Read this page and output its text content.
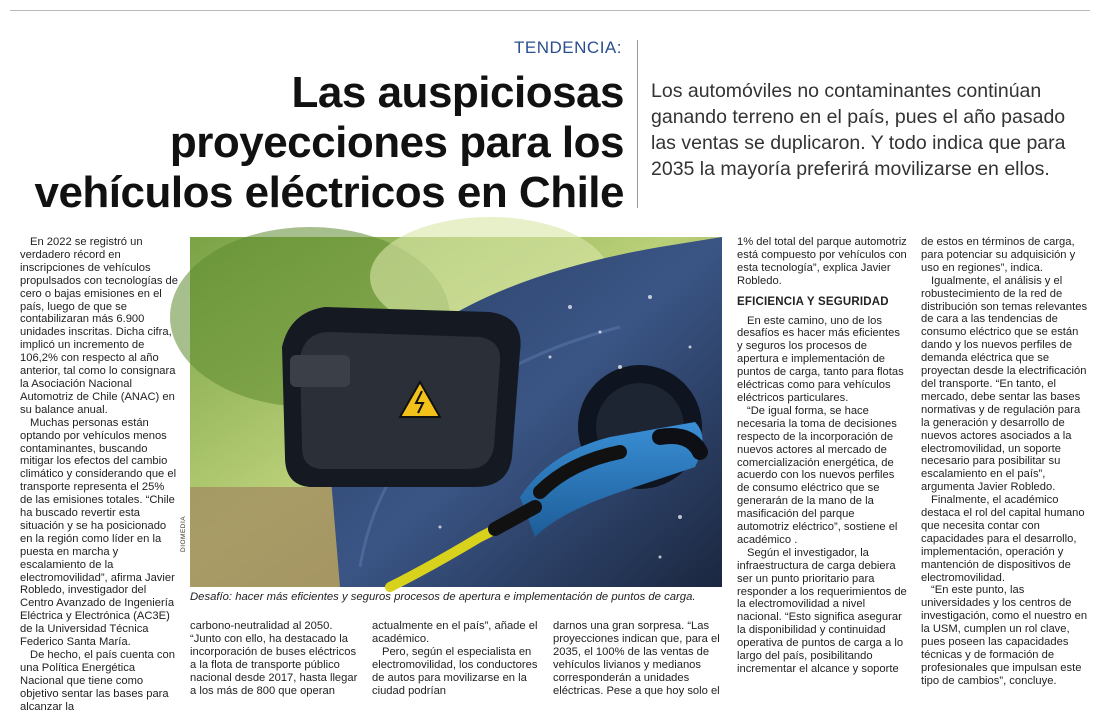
TENDENCIA:
Las auspiciosas
proyecciones para los
vehículos eléctricos en Chile

Los automóviles no contaminantes continúan ganando terreno en el país, pues el año pasado las ventas se duplicaron. Y todo indica que para 2035 la mayoría preferirá movilizarse en ellos.

En 2022 se registró un verdadero récord en inscripciones de vehículos propulsados con tecnologías de cero o bajas emisiones en el país, luego de que se contabilizaran más 6.900 unidades inscritas. Dicha cifra, implicó un incremento de 106,2% con respecto al año anterior, tal como lo consignara la Asociación Nacional Automotriz de Chile (ANAC) en su balance anual.

Muchas personas están optando por vehículos menos contaminantes, buscando mitigar los efectos del cambio climático y considerando que el transporte representa el 25% de las emisiones totales. “Chile ha buscado revertir esta situación y se ha posicionado en la región como líder en la puesta en marcha y escalamiento de la electromovilidad”, afirma Javier Robledo, investigador del Centro Avanzado de Ingeniería Eléctrica y Electrónica (AC3E) de la Universidad Técnica Federico Santa María.

De hecho, el país cuenta con una Política Energética Nacional que tiene como objetivo sentar las bases para alcanzar la

DIOMEDIA
Desafío: hacer más eficientes y seguros procesos de apertura e implementación de puntos de carga.

carbono-neutralidad al 2050. “Junto con ello, ha destacado la incorporación de buses eléctricos a la flota de transporte público nacional desde 2017, hasta llegar a los más de 800 que operan

actualmente en el país”, añade el académico.

Pero, según el especialista en electromovilidad, los conductores de autos para movilizarse en la ciudad podrían

darnos una gran sorpresa. “Las proyecciones indican que, para el 2035, el 100% de las ventas de vehículos livianos y medianos corresponderán a unidades eléctricas. Pese a que hoy solo el

1% del total del parque automotriz está compuesto por vehículos con esta tecnología”, explica Javier Robledo.

EFICIENCIA Y SEGURIDAD

En este camino, uno de los desafíos es hacer más eficientes y seguros los procesos de apertura e implementación de puntos de carga, tanto para flotas eléctricas como para vehículos eléctricos particulares.

“De igual forma, se hace necesaria la toma de decisiones respecto de la incorporación de nuevos actores al mercado de comercialización energética, de acuerdo con los nuevos perfiles de consumo eléctrico que se generarán de la mano de la masificación del parque automotriz eléctrico”, sostiene el académico .

Según el investigador, la infraestructura de carga debiera ser un punto prioritario para responder a los requerimientos de la electromovilidad a nivel nacional. “Esto significa asegurar la disponibilidad y continuidad operativa de puntos de carga a lo largo del país, posibilitando incrementar el alcance y soporte

de estos en términos de carga, para potenciar su adquisición y uso en regiones”, indica.

Igualmente, el análisis y el robustecimiento de la red de distribución son temas relevantes de cara a las tendencias de consumo eléctrico que se están dando y los nuevos perfiles de demanda eléctrica que se proyectan desde la electrificación del transporte. “En tanto, el mercado, debe sentar las bases normativas y de regulación para la generación y desarrollo de nuevos actores asociados a la electromovilidad, un soporte necesario para posibilitar su escalamiento en el país”, argumenta Javier Robledo.

Finalmente, el académico destaca el rol del capital humano que necesita contar con capacidades para el desarrollo, implementación, operación y mantención de dispositivos de electromovilidad.

“En este punto, las universidades y los centros de investigación, como el nuestro en la USM, cumplen un rol clave, pues poseen las capacidades técnicas y de formación de profesionales que impulsan este tipo de cambios”, concluye.
